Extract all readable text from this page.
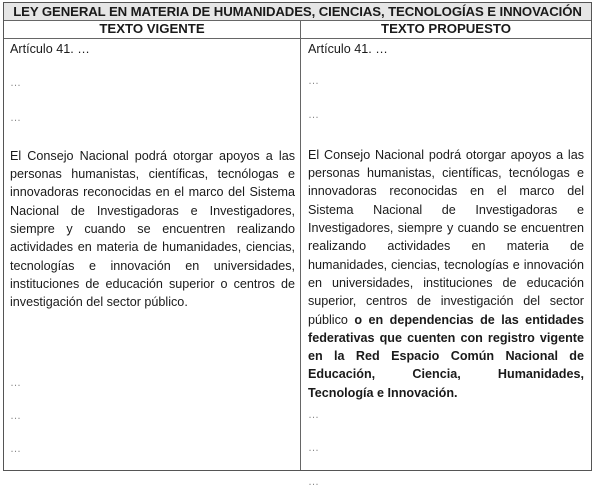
LEY GENERAL EN MATERIA DE HUMANIDADES, CIENCIAS, TECNOLOGÍAS E INNOVACIÓN
TEXTO VIGENTE	TEXTO PROPUESTO

Artículo 41. …

…

…

El Consejo Nacional podrá otorgar apoyos a las personas humanistas, científicas, tecnólogas e innovadoras reconocidas en el marco del Sistema Nacional de Investigadoras e Investigadores, siempre y cuando se encuentren realizando actividades en materia de humanidades, ciencias, tecnologías e innovación en universidades, instituciones de educación superior o centros de investigación del sector público.

…

…

…

Artículo 41. …

…

…

El Consejo Nacional podrá otorgar apoyos a las personas humanistas, científicas, tecnólogas e innovadoras reconocidas en el marco del Sistema Nacional de Investigadoras e Investigadores, siempre y cuando se encuentren realizando actividades en materia de humanidades, ciencias, tecnologías e innovación en universidades, instituciones de educación superior, centros de investigación del sector público o en dependencias de las entidades federativas que cuenten con registro vigente en la Red Espacio Común Nacional de Educación, Ciencia, Humanidades, Tecnología e Innovación.

…

…

…
